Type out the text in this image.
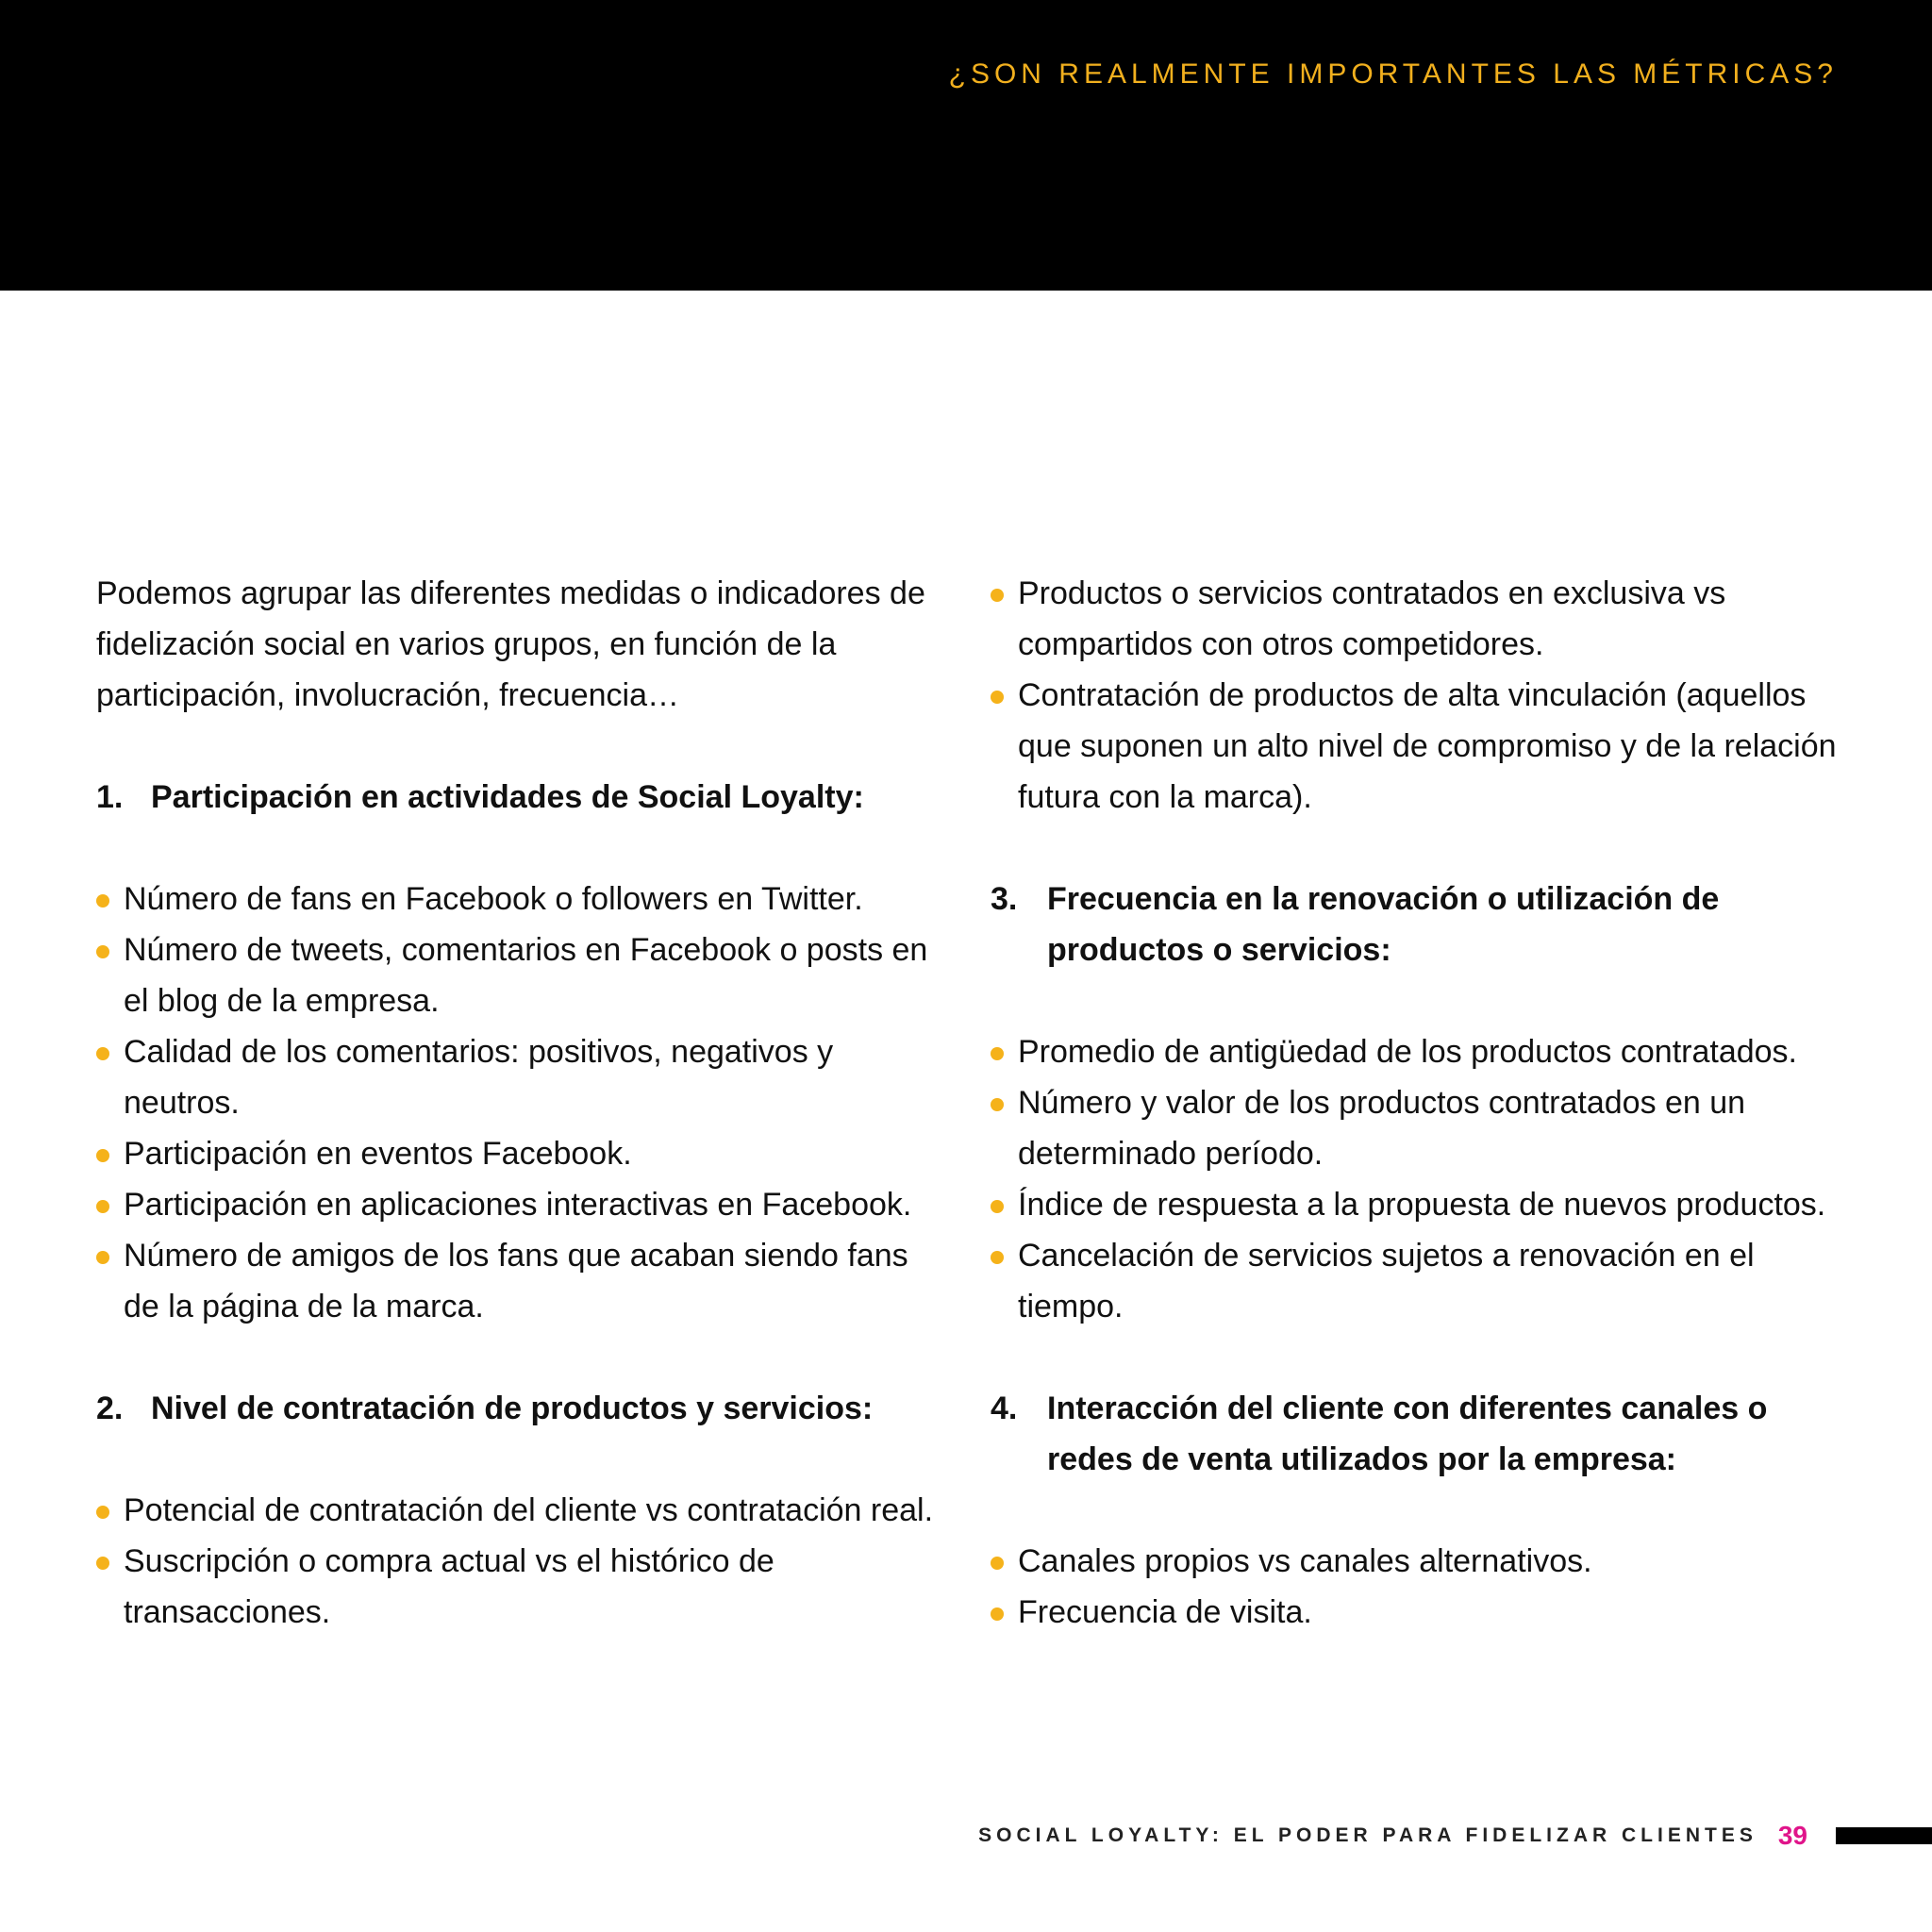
¿SON REALMENTE IMPORTANTES LAS MÉTRICAS?

Podemos agrupar las diferentes medidas o indicadores de fidelización social en varios grupos, en función de la participación, involucración, frecuencia…

1. Participación en actividades de Social Loyalty:
Número de fans en Facebook o followers en Twitter.
Número de tweets, comentarios en Facebook o posts en el blog de la empresa.
Calidad de los comentarios: positivos, negativos y neutros.
Participación en eventos Facebook.
Participación en aplicaciones interactivas en Facebook.
Número de amigos de los fans que acaban siendo fans de la página de la marca.
2. Nivel de contratación de productos y servicios:
Potencial de contratación del cliente vs contratación real.
Suscripción o compra actual vs el histórico de transacciones.
Productos o servicios contratados en exclusiva vs compartidos con otros competidores.
Contratación de productos de alta vinculación (aquellos que suponen un alto nivel de compromiso y de la relación futura con la marca).
3. Frecuencia en la renovación o utilización de productos o servicios:
Promedio de antigüedad de los productos contratados.
Número y valor de los productos contratados en un determinado período.
Índice de respuesta a la propuesta de nuevos productos.
Cancelación de servicios sujetos a renovación en el tiempo.
4. Interacción del cliente con diferentes canales o redes de venta utilizados por la empresa:
Canales propios vs canales alternativos.
Frecuencia de visita.
SOCIAL LOYALTY: EL PODER PARA FIDELIZAR CLIENTES 39
